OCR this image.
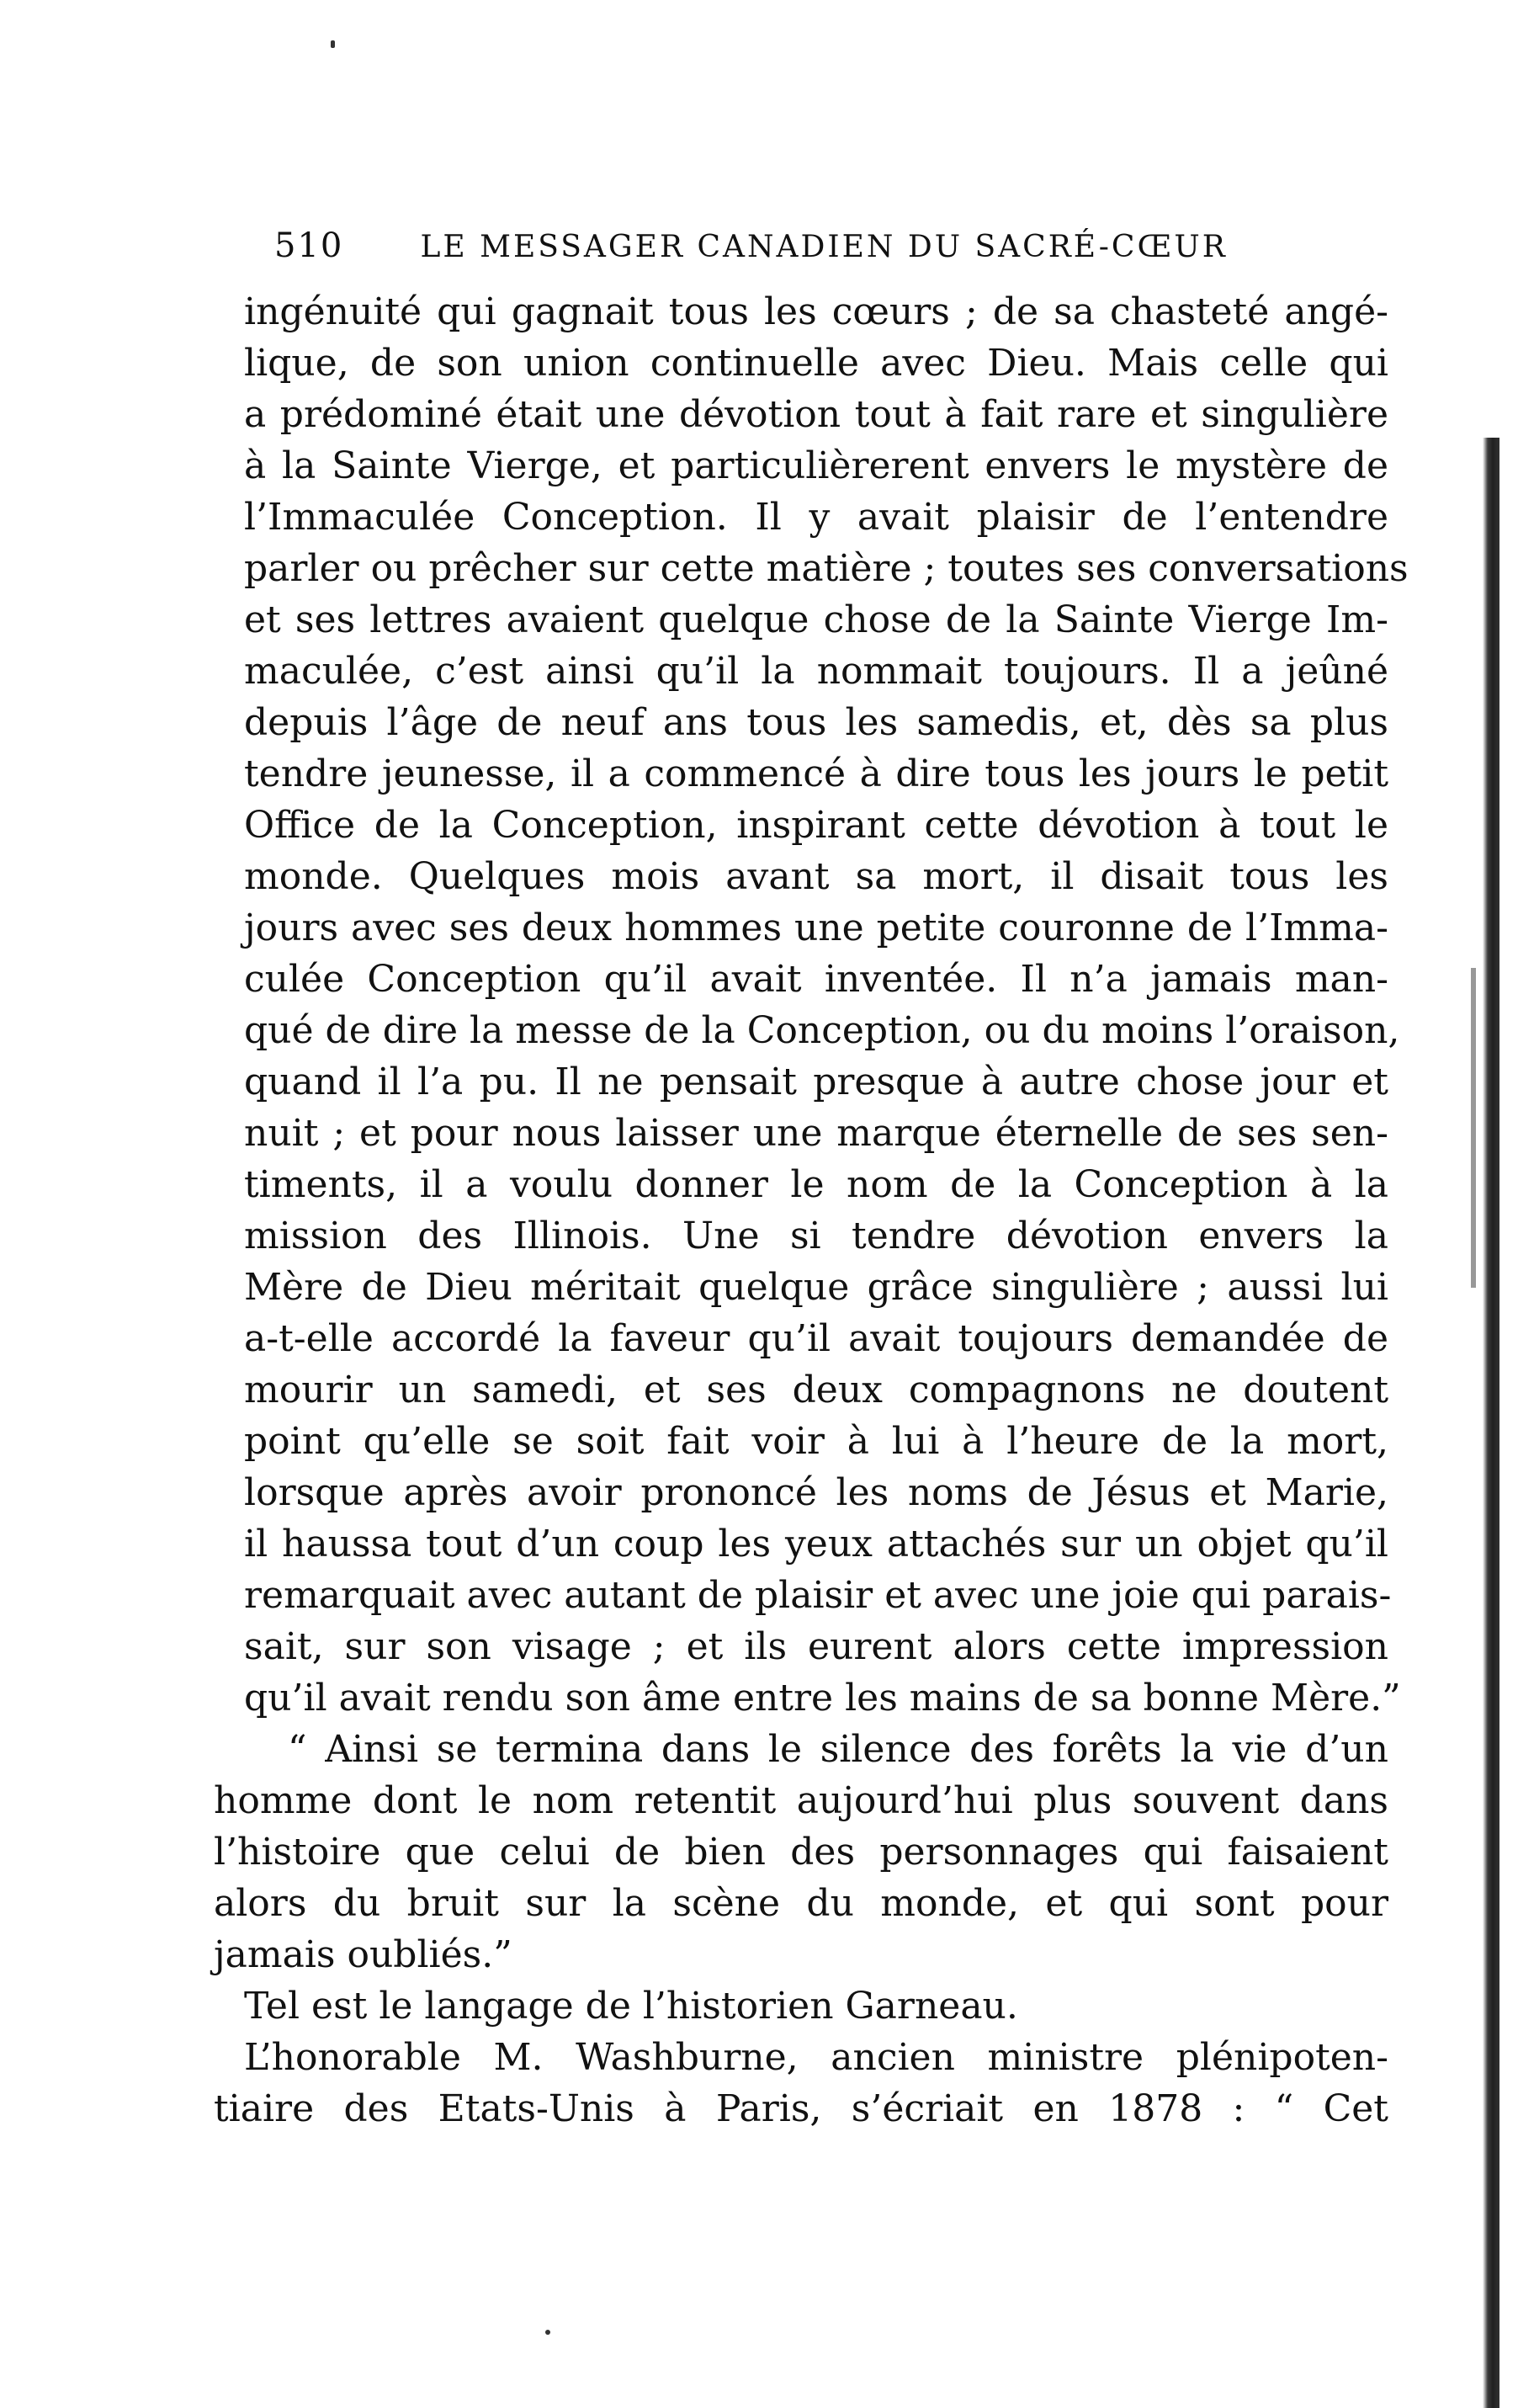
510	LE MESSAGER CANADIEN DU SACRÉ-CŒUR
ingénuité qui gagnait tous les cœurs ; de sa chasteté angé-
lique, de son union continuelle avec Dieu. Mais celle qui
a prédominé était une dévotion tout à fait rare et singulière
à la Sainte Vierge, et particulièrerent envers le mystère de
l’Immaculée Conception. Il y avait plaisir de l’entendre
parler ou prêcher sur cette matière ; toutes ses conversations
et ses lettres avaient quelque chose de la Sainte Vierge Im-
maculée, c’est ainsi qu’il la nommait toujours. Il a jeûné
depuis l’âge de neuf ans tous les samedis, et, dès sa plus
tendre jeunesse, il a commencé à dire tous les jours le petit
Office de la Conception, inspirant cette dévotion à tout le
monde. Quelques mois avant sa mort, il disait tous les
jours avec ses deux hommes une petite couronne de l’Imma-
culée Conception qu’il avait inventée. Il n’a jamais man-
qué de dire la messe de la Conception, ou du moins l’oraison,
quand il l’a pu. Il ne pensait presque à autre chose jour et
nuit ; et pour nous laisser une marque éternelle de ses sen-
timents, il a voulu donner le nom de la Conception à la
mission des Illinois. Une si tendre dévotion envers la
Mère de Dieu méritait quelque grâce singulière ; aussi lui
a-t-elle accordé la faveur qu’il avait toujours demandée de
mourir un samedi, et ses deux compagnons ne doutent
point qu’elle se soit fait voir à lui à l’heure de la mort,
lorsque après avoir prononcé les noms de Jésus et Marie,
il haussa tout d’un coup les yeux attachés sur un objet qu’il
remarquait avec autant de plaisir et avec une joie qui parais-
sait, sur son visage ; et ils eurent alors cette impression
qu’il avait rendu son âme entre les mains de sa bonne Mère.”
“ Ainsi se termina dans le silence des forêts la vie d’un
homme dont le nom retentit aujourd’hui plus souvent dans
l’histoire que celui de bien des personnages qui faisaient
alors du bruit sur la scène du monde, et qui sont pour
jamais oubliés.”
Tel est le langage de l’historien Garneau.
L’honorable M. Washburne, ancien ministre plénipoten-
tiaire des Etats-Unis à Paris, s’écriait en 1878 : “ Cet
